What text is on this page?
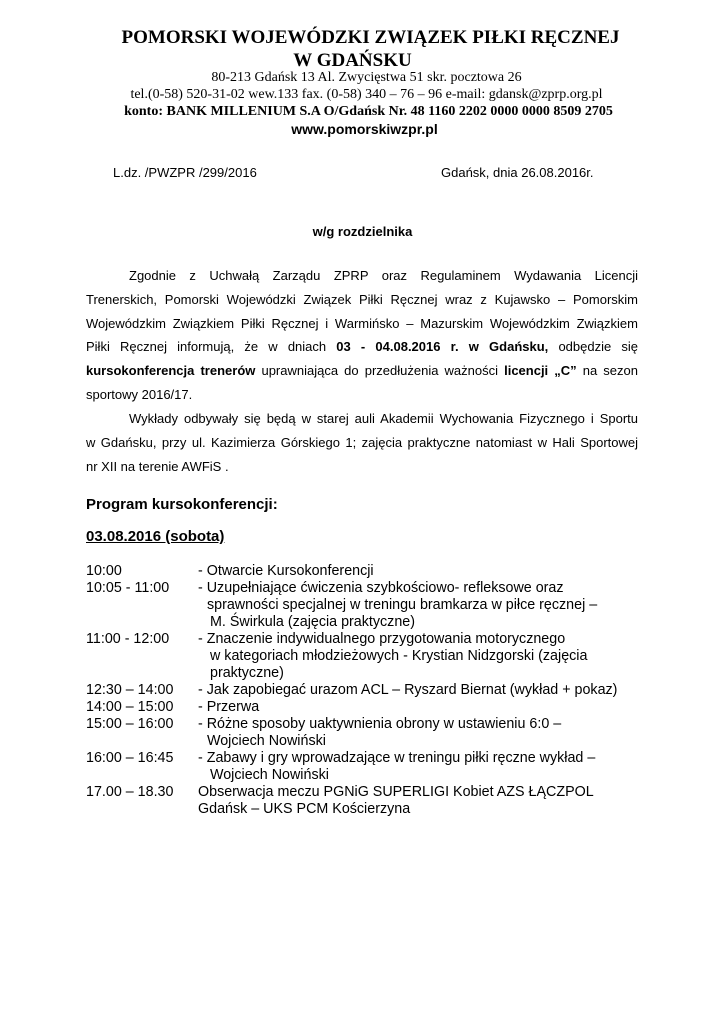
POMORSKI WOJEWÓDZKI ZWIĄZEK PIŁKI RĘCZNEJ
W GDAŃSKU
80-213 Gdańsk 13 Al. Zwycięstwa 51 skr. pocztowa 26
tel.(0-58) 520-31-02 wew.133 fax. (0-58) 340 – 76 – 96 e-mail: gdansk@zprp.org.pl
konto: BANK MILLENIUM S.A O/Gdańsk Nr. 48 1160 2202 0000 0000 8509 2705
www.pomorskiwzpr.pl
L.dz. /PWZPR /299/2016	Gdańsk, dnia 26.08.2016r.
w/g rozdzielnika
Zgodnie z Uchwałą Zarządu ZPRP oraz Regulaminem Wydawania Licencji
Trenerskich, Pomorski Wojewódzki Związek Piłki Ręcznej wraz z Kujawsko – Pomorskim
Wojewódzkim Związkiem Piłki Ręcznej i Warmińsko – Mazurskim Wojewódzkim Związkiem
Piłki Ręcznej informują, że w dniach 03 - 04.08.2016 r. w Gdańsku, odbędzie się
kursokonferencja trenerów uprawniająca do przedłużenia ważności licencji „C” na sezon
sportowy 2016/17.
Wykłady odbywały się będą w starej auli Akademii Wychowania Fizycznego i Sportu
w Gdańsku, przy ul. Kazimierza Górskiego 1; zajęcia praktyczne natomiast w Hali Sportowej
nr XII na terenie AWFiS .
Program kursokonferencji:
03.08.2016 (sobota)
10:00	- Otwarcie Kursokonferencji
10:05 - 11:00 - Uzupełniające ćwiczenia szybkościowo- refleksowe oraz
sprawności specjalnej w treningu bramkarza w piłce ręcznej –
M. Świrkula (zajęcia praktyczne)
11:00 - 12:00 - Znaczenie indywidualnego przygotowania motorycznego
w kategoriach młodzieżowych - Krystian Nidzgorski (zajęcia
praktyczne)
12:30 – 14:00 - Jak zapobiegać urazom ACL – Ryszard Biernat (wykład + pokaz)
14:00 – 15:00 - Przerwa
15:00 – 16:00 - Różne sposoby uaktywnienia obrony w ustawieniu 6:0 –
Wojciech Nowiński
16:00 – 16:45 - Zabawy i gry wprowadzające w treningu piłki ręczne wykład –
Wojciech Nowiński
17.00 – 18.30 Obserwacja meczu PGNiG SUPERLIGI Kobiet AZS ŁĄCZPOL
Gdańsk – UKS PCM Kościerzyna
